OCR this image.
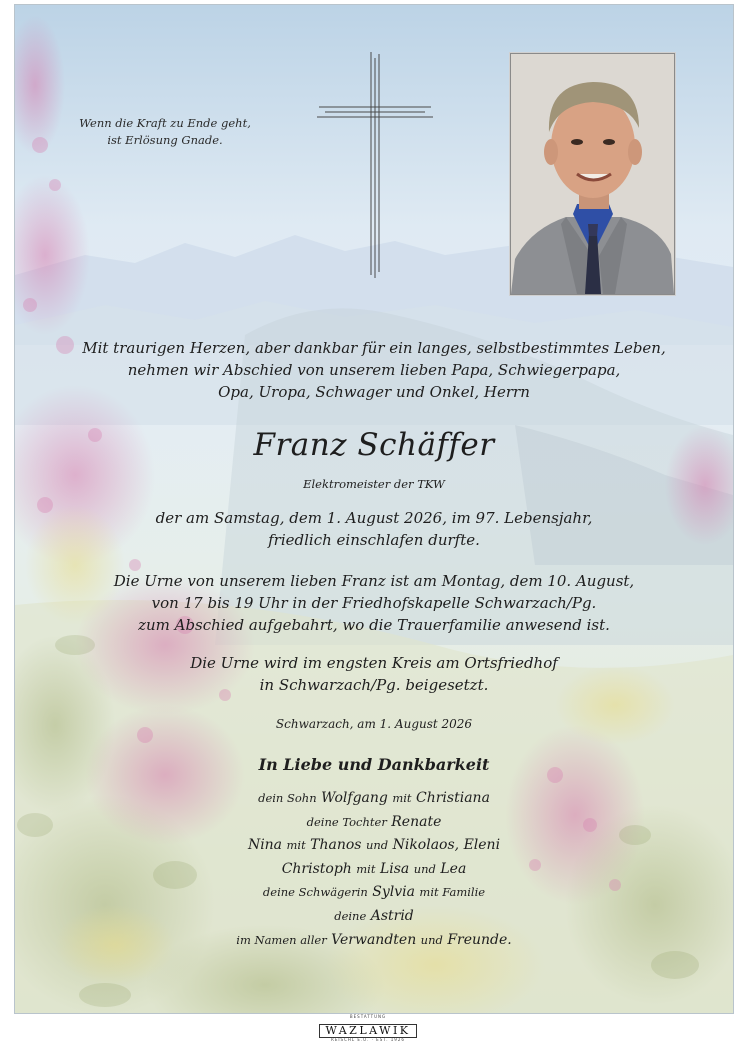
Wenn die Kraft zu Ende geht,
ist Erlösung Gnade.
Mit traurigen Herzen, aber dankbar für ein langes, selbstbestimmtes Leben,
nehmen wir Abschied von unserem lieben Papa, Schwiegerpapa,
Opa, Uropa, Schwager und Onkel, Herrn
Franz Schäffer
Elektromeister der TKW
der am Samstag, dem 1. August 2026, im 97. Lebensjahr,
friedlich einschlafen durfte.
Die Urne von unserem lieben Franz ist am Montag, dem 10. August,
von 17 bis 19 Uhr in der Friedhofskapelle Schwarzach/Pg.
zum Abschied aufgebahrt, wo die Trauerfamilie anwesend ist.
Die Urne wird im engsten Kreis am Ortsfriedhof
in Schwarzach/Pg. beigesetzt.
Schwarzach, am 1. August 2026
In Liebe und Dankbarkeit
dein Sohn Wolfgang mit Christiana
deine Tochter Renate
Nina mit Thanos und Nikolaos, Eleni
Christoph mit Lisa und Lea
deine Schwägerin Sylvia mit Familie
deine Astrid
im Namen aller Verwandten und Freunde.
BESTATTUNG
WAZLAWIK
REISCHL E.U. · EST. 1926
